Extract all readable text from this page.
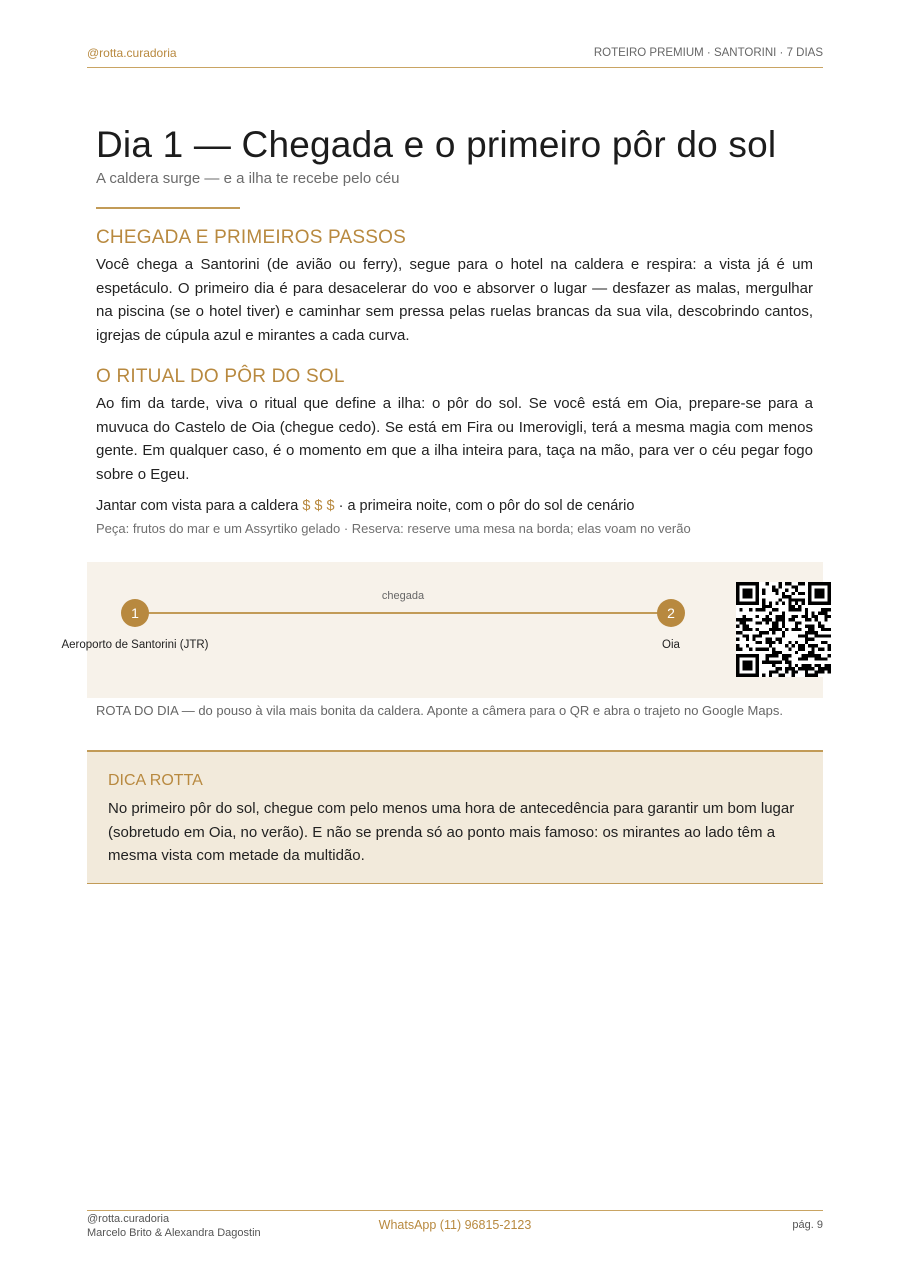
@rotta.curadoria	ROTEIRO PREMIUM · SANTORINI · 7 DIAS
Dia 1 — Chegada e o primeiro pôr do sol
A caldera surge — e a ilha te recebe pelo céu
CHEGADA E PRIMEIROS PASSOS
Você chega a Santorini (de avião ou ferry), segue para o hotel na caldera e respira: a vista já é um espetáculo. O primeiro dia é para desacelerar do voo e absorver o lugar — desfazer as malas, mergulhar na piscina (se o hotel tiver) e caminhar sem pressa pelas ruelas brancas da sua vila, descobrindo cantos, igrejas de cúpula azul e mirantes a cada curva.
O RITUAL DO PÔR DO SOL
Ao fim da tarde, viva o ritual que define a ilha: o pôr do sol. Se você está em Oia, prepare-se para a muvuca do Castelo de Oia (chegue cedo). Se está em Fira ou Imerovigli, terá a mesma magia com menos gente. Em qualquer caso, é o momento em que a ilha inteira para, taça na mão, para ver o céu pegar fogo sobre o Egeu.
Jantar com vista para a caldera $ $ $ · a primeira noite, com o pôr do sol de cenário
Peça: frutos do mar e um Assyrtiko gelado · Reserva: reserve uma mesa na borda; elas voam no verão
chegada
1
Aeroporto de Santorini (JTR)
2
Oia
ROTA DO DIA — do pouso à vila mais bonita da caldera. Aponte a câmera para o QR e abra o trajeto no Google Maps.
DICA ROTTA
No primeiro pôr do sol, chegue com pelo menos uma hora de antecedência para garantir um bom lugar (sobretudo em Oia, no verão). E não se prenda só ao ponto mais famoso: os mirantes ao lado têm a mesma vista com metade da multidão.
@rotta.curadoria
Marcelo Brito & Alexandra Dagostin
WhatsApp (11) 96815-2123	pág. 9
